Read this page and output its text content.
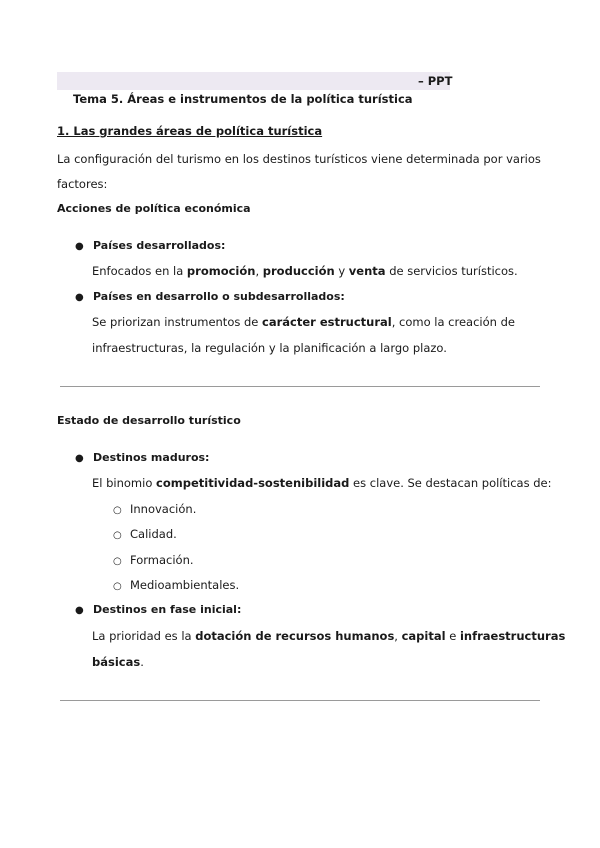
Tema 5. Áreas e instrumentos de la política turística

– PPT

1. Las grandes áreas de política turística
La configuración del turismo en los destinos turísticos viene determinada por varios
factores:
Acciones de política económica
● Países desarrollados:
Enfocados en la promoción, producción y venta de servicios turísticos.
● Países en desarrollo o subdesarrollados:
Se priorizan instrumentos de carácter estructural, como la creación de
infraestructuras, la regulación y la planificación a largo plazo.
Estado de desarrollo turístico
● Destinos maduros:
El binomio competitividad-sostenibilidad es clave. Se destacan políticas de:
○ Innovación.
○ Calidad.
○ Formación.
○ Medioambientales.
● Destinos en fase inicial:
La prioridad es la dotación de recursos humanos, capital e infraestructuras
básicas.
